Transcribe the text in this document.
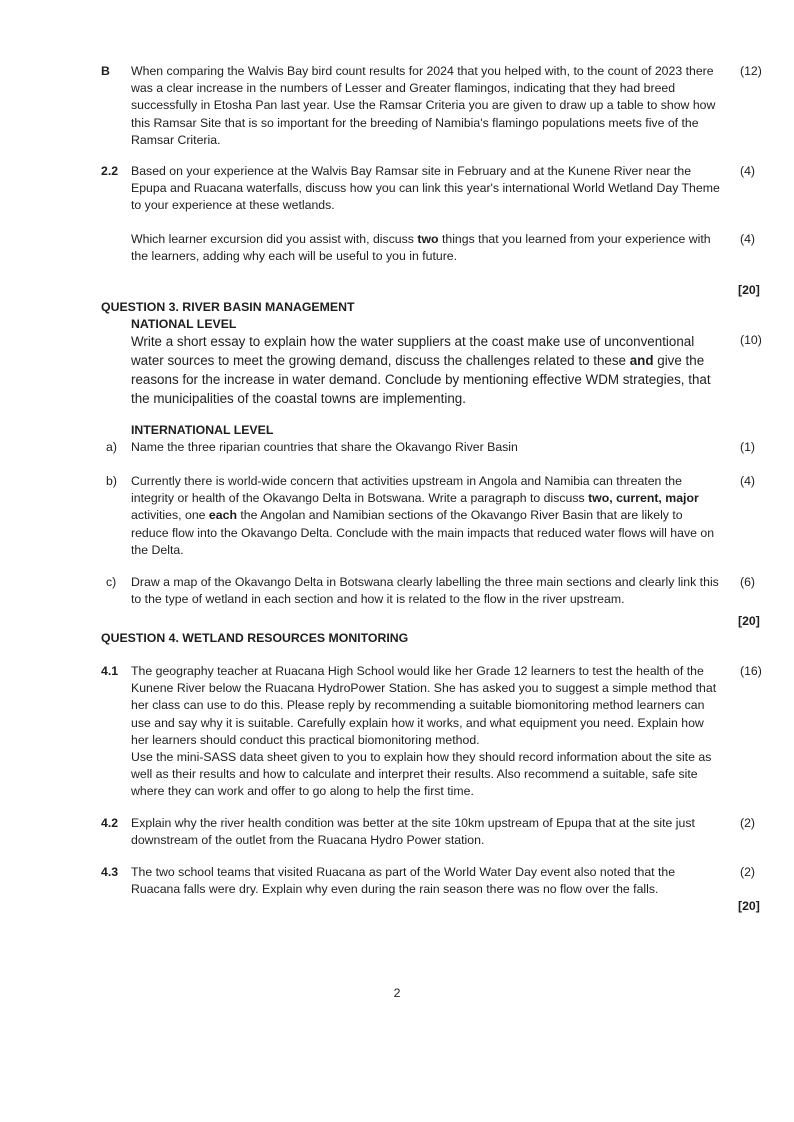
B When comparing the Walvis Bay bird count results for 2024 that you helped with, to the count of 2023 there was a clear increase in the numbers of Lesser and Greater flamingos, indicating that they had breed successfully in Etosha Pan last year. Use the Ramsar Criteria you are given to draw up a table to show how this Ramsar Site that is so important for the breeding of Namibia's flamingo populations meets five of the Ramsar Criteria.
(12)
2.2 Based on your experience at the Walvis Bay Ramsar site in February and at the Kunene River near the Epupa and Ruacana waterfalls, discuss how you can link this year's international World Wetland Day Theme to your experience at these wetlands.
(4)
Which learner excursion did you assist with, discuss two things that you learned from your experience with the learners, adding why each will be useful to you in future.
(4)
[20]
QUESTION 3. RIVER BASIN MANAGEMENT
NATIONAL LEVEL
Write a short essay to explain how the water suppliers at the coast make use of unconventional water sources to meet the growing demand, discuss the challenges related to these and give the reasons for the increase in water demand. Conclude by mentioning effective WDM strategies, that the municipalities of the coastal towns are implementing.
(10)
INTERNATIONAL LEVEL
a) Name the three riparian countries that share the Okavango River Basin	(1)
b) Currently there is world-wide concern that activities upstream in Angola and Namibia can threaten the integrity or health of the Okavango Delta in Botswana. Write a paragraph to discuss two, current, major activities, one each the Angolan and Namibian sections of the Okavango River Basin that are likely to reduce flow into the Okavango Delta. Conclude with the main impacts that reduced water flows will have on the Delta.
(4)
c) Draw a map of the Okavango Delta in Botswana clearly labelling the three main sections and clearly link this to the type of wetland in each section and how it is related to the flow in the river upstream.
(6)
[20]
QUESTION 4. WETLAND RESOURCES MONITORING
4.1 The geography teacher at Ruacana High School would like her Grade 12 learners to test the health of the Kunene River below the Ruacana HydroPower Station. She has asked you to suggest a simple method that her class can use to do this. Please reply by recommending a suitable biomonitoring method learners can use and say why it is suitable. Carefully explain how it works, and what equipment you need. Explain how her learners should conduct this practical biomonitoring method.
Use the mini-SASS data sheet given to you to explain how they should record information about the site as well as their results and how to calculate and interpret their results. Also recommend a suitable, safe site where they can work and offer to go along to help the first time.
(16)
4.2 Explain why the river health condition was better at the site 10km upstream of Epupa that at the site just downstream of the outlet from the Ruacana Hydro Power station.
(2)
4.3 The two school teams that visited Ruacana as part of the World Water Day event also noted that the Ruacana falls were dry. Explain why even during the rain season there was no flow over the falls.
(2)
[20]
2
